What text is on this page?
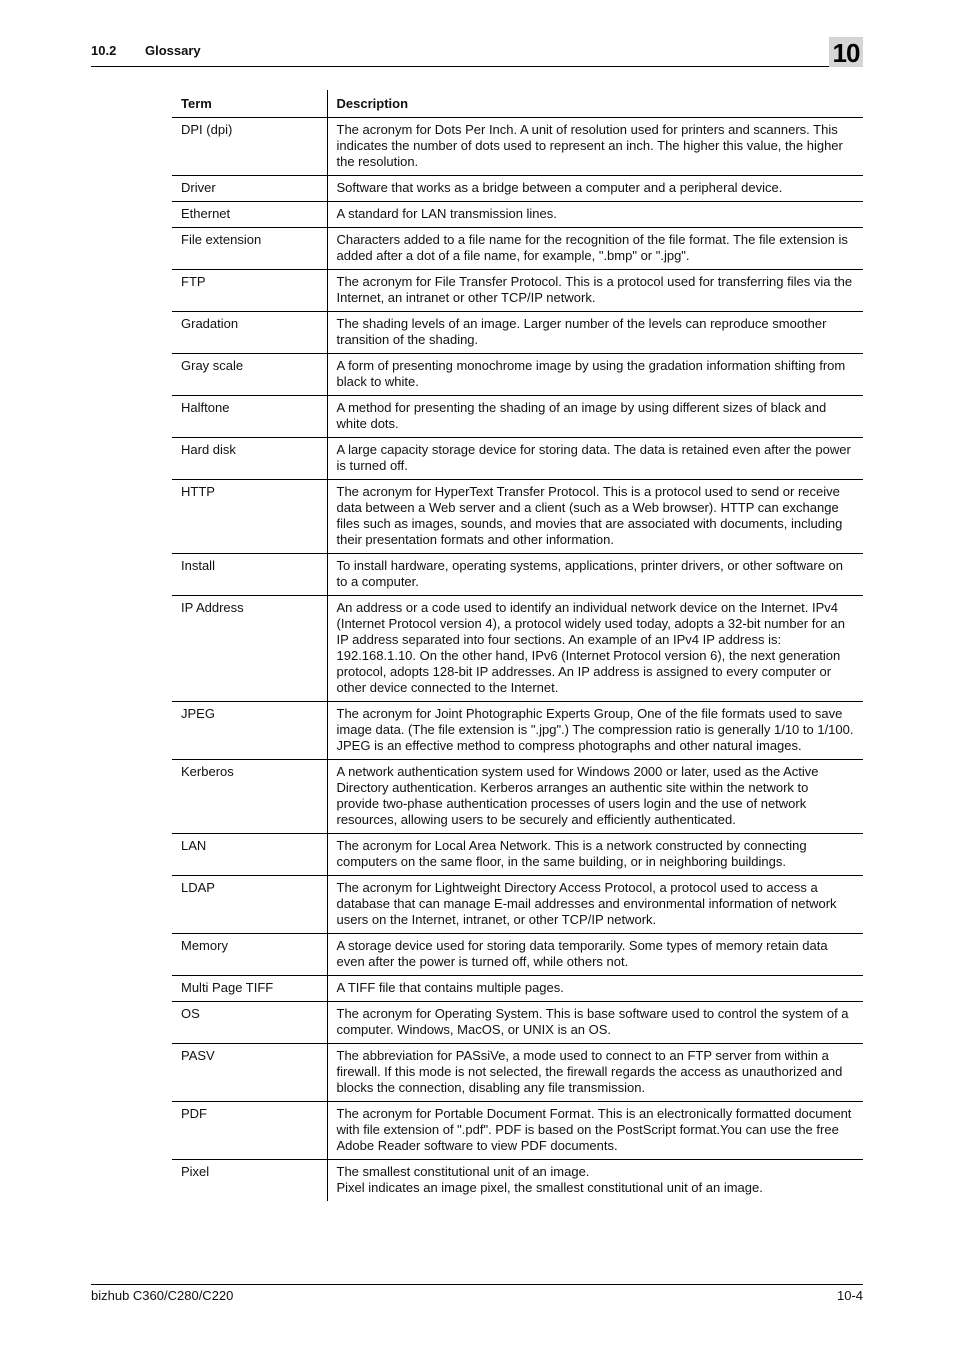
10.2 Glossary	10
Term	Description
DPI (dpi)	The acronym for Dots Per Inch. A unit of resolution used for printers and scanners. This indicates the number of dots used to represent an inch. The higher this value, the higher the resolution.
Driver	Software that works as a bridge between a computer and a peripheral device.
Ethernet	A standard for LAN transmission lines.
File extension	Characters added to a file name for the recognition of the file format. The file extension is added after a dot of a file name, for example, ".bmp" or ".jpg".
FTP	The acronym for File Transfer Protocol. This is a protocol used for transferring files via the Internet, an intranet or other TCP/IP network.
Gradation	The shading levels of an image. Larger number of the levels can reproduce smoother transition of the shading.
Gray scale	A form of presenting monochrome image by using the gradation information shifting from black to white.
Halftone	A method for presenting the shading of an image by using different sizes of black and white dots.
Hard disk	A large capacity storage device for storing data. The data is retained even after the power is turned off.
HTTP	The acronym for HyperText Transfer Protocol. This is a protocol used to send or receive data between a Web server and a client (such as a Web browser). HTTP can exchange files such as images, sounds, and movies that are associated with documents, including their presentation formats and other information.
Install	To install hardware, operating systems, applications, printer drivers, or other software on to a computer.
IP Address	An address or a code used to identify an individual network device on the Internet. IPv4 (Internet Protocol version 4), a protocol widely used today, adopts a 32-bit number for an IP address separated into four sections. An example of an IPv4 IP address is: 192.168.1.10. On the other hand, IPv6 (Internet Protocol version 6), the next generation protocol, adopts 128-bit IP addresses. An IP address is assigned to every computer or other device connected to the Internet.
JPEG	The acronym for Joint Photographic Experts Group, One of the file formats used to save image data. (The file extension is ".jpg".) The compression ratio is generally 1/10 to 1/100. JPEG is an effective method to compress photographs and other natural images.
Kerberos	A network authentication system used for Windows 2000 or later, used as the Active Directory authentication. Kerberos arranges an authentic site within the network to provide two-phase authentication processes of users login and the use of network resources, allowing users to be securely and efficiently authenticated.
LAN	The acronym for Local Area Network. This is a network constructed by connecting computers on the same floor, in the same building, or in neighboring buildings.
LDAP	The acronym for Lightweight Directory Access Protocol, a protocol used to access a database that can manage E-mail addresses and environmental information of network users on the Internet, intranet, or other TCP/IP network.
Memory	A storage device used for storing data temporarily. Some types of memory retain data even after the power is turned off, while others not.
Multi Page TIFF	A TIFF file that contains multiple pages.
OS	The acronym for Operating System. This is base software used to control the system of a computer. Windows, MacOS, or UNIX is an OS.
PASV	The abbreviation for PASsiVe, a mode used to connect to an FTP server from within a firewall. If this mode is not selected, the firewall regards the access as unauthorized and blocks the connection, disabling any file transmission.
PDF	The acronym for Portable Document Format. This is an electronically formatted document with file extension of ".pdf". PDF is based on the PostScript format.You can use the free Adobe Reader software to view PDF documents.
Pixel	The smallest constitutional unit of an image.
Pixel indicates an image pixel, the smallest constitutional unit of an image.
bizhub C360/C280/C220	10-4
